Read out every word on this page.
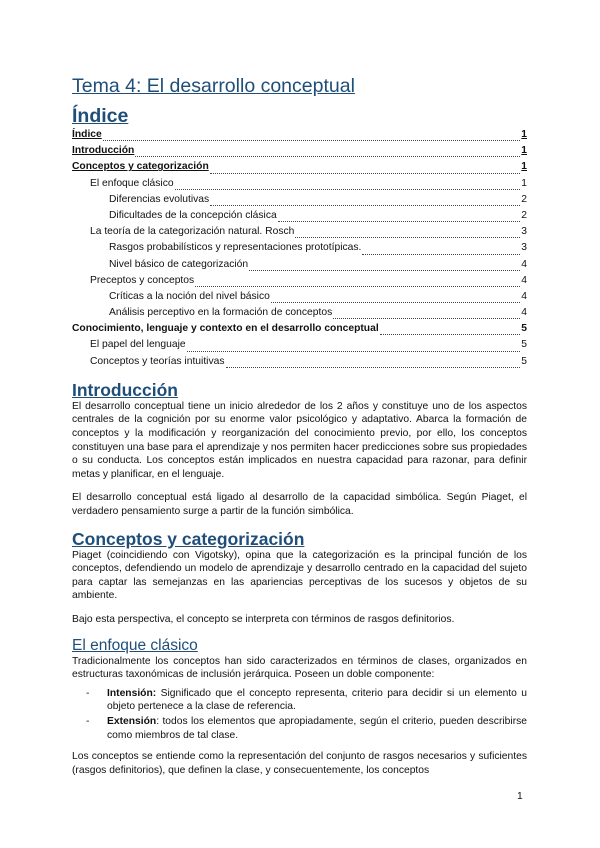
Tema 4: El desarrollo conceptual
Índice
Índice	1
Introducción	1
Conceptos y categorización	1
El enfoque clásico	1
Diferencias evolutivas	2
Dificultades de la concepción clásica	2
La teoría de la categorización natural. Rosch	3
Rasgos probabilísticos y representaciones prototípicas.	3
Nivel básico de categorización	4
Preceptos y conceptos	4
Críticas a la noción del nivel básico	4
Análisis perceptivo en la formación de conceptos	4
Conocimiento, lenguaje y contexto en el desarrollo conceptual	5
El papel del lenguaje	5
Conceptos y teorías intuitivas	5
Introducción

El desarrollo conceptual tiene un inicio alrededor de los 2 años y constituye uno de los aspectos centrales de la cognición por su enorme valor psicológico y adaptativo. Abarca la formación de conceptos y la modificación y reorganización del conocimiento previo, por ello, los conceptos constituyen una base para el aprendizaje y nos permiten hacer predicciones sobre sus propiedades o su conducta. Los conceptos están implicados en nuestra capacidad para razonar, para definir metas y planificar, en el lenguaje.

El desarrollo conceptual está ligado al desarrollo de la capacidad simbólica. Según Piaget, el verdadero pensamiento surge a partir de la función simbólica.

Conceptos y categorización

Piaget (coincidiendo con Vigotsky), opina que la categorización es la principal función de los conceptos, defendiendo un modelo de aprendizaje y desarrollo centrado en la capacidad del sujeto para captar las semejanzas en las apariencias perceptivas de los sucesos y objetos de su ambiente.

Bajo esta perspectiva, el concepto se interpreta con términos de rasgos definitorios.

El enfoque clásico

Tradicionalmente los conceptos han sido caracterizados en términos de clases, organizados en estructuras taxonómicas de inclusión jerárquica. Poseen un doble componente:

- Intensión: Significado que el concepto representa, criterio para decidir si un elemento u objeto pertenece a la clase de referencia.
- Extensión: todos los elementos que apropiadamente, según el criterio, pueden describirse como miembros de tal clase.

Los conceptos se entiende como la representación del conjunto de rasgos necesarios y suficientes (rasgos definitorios), que definen la clase, y consecuentemente, los conceptos

1
